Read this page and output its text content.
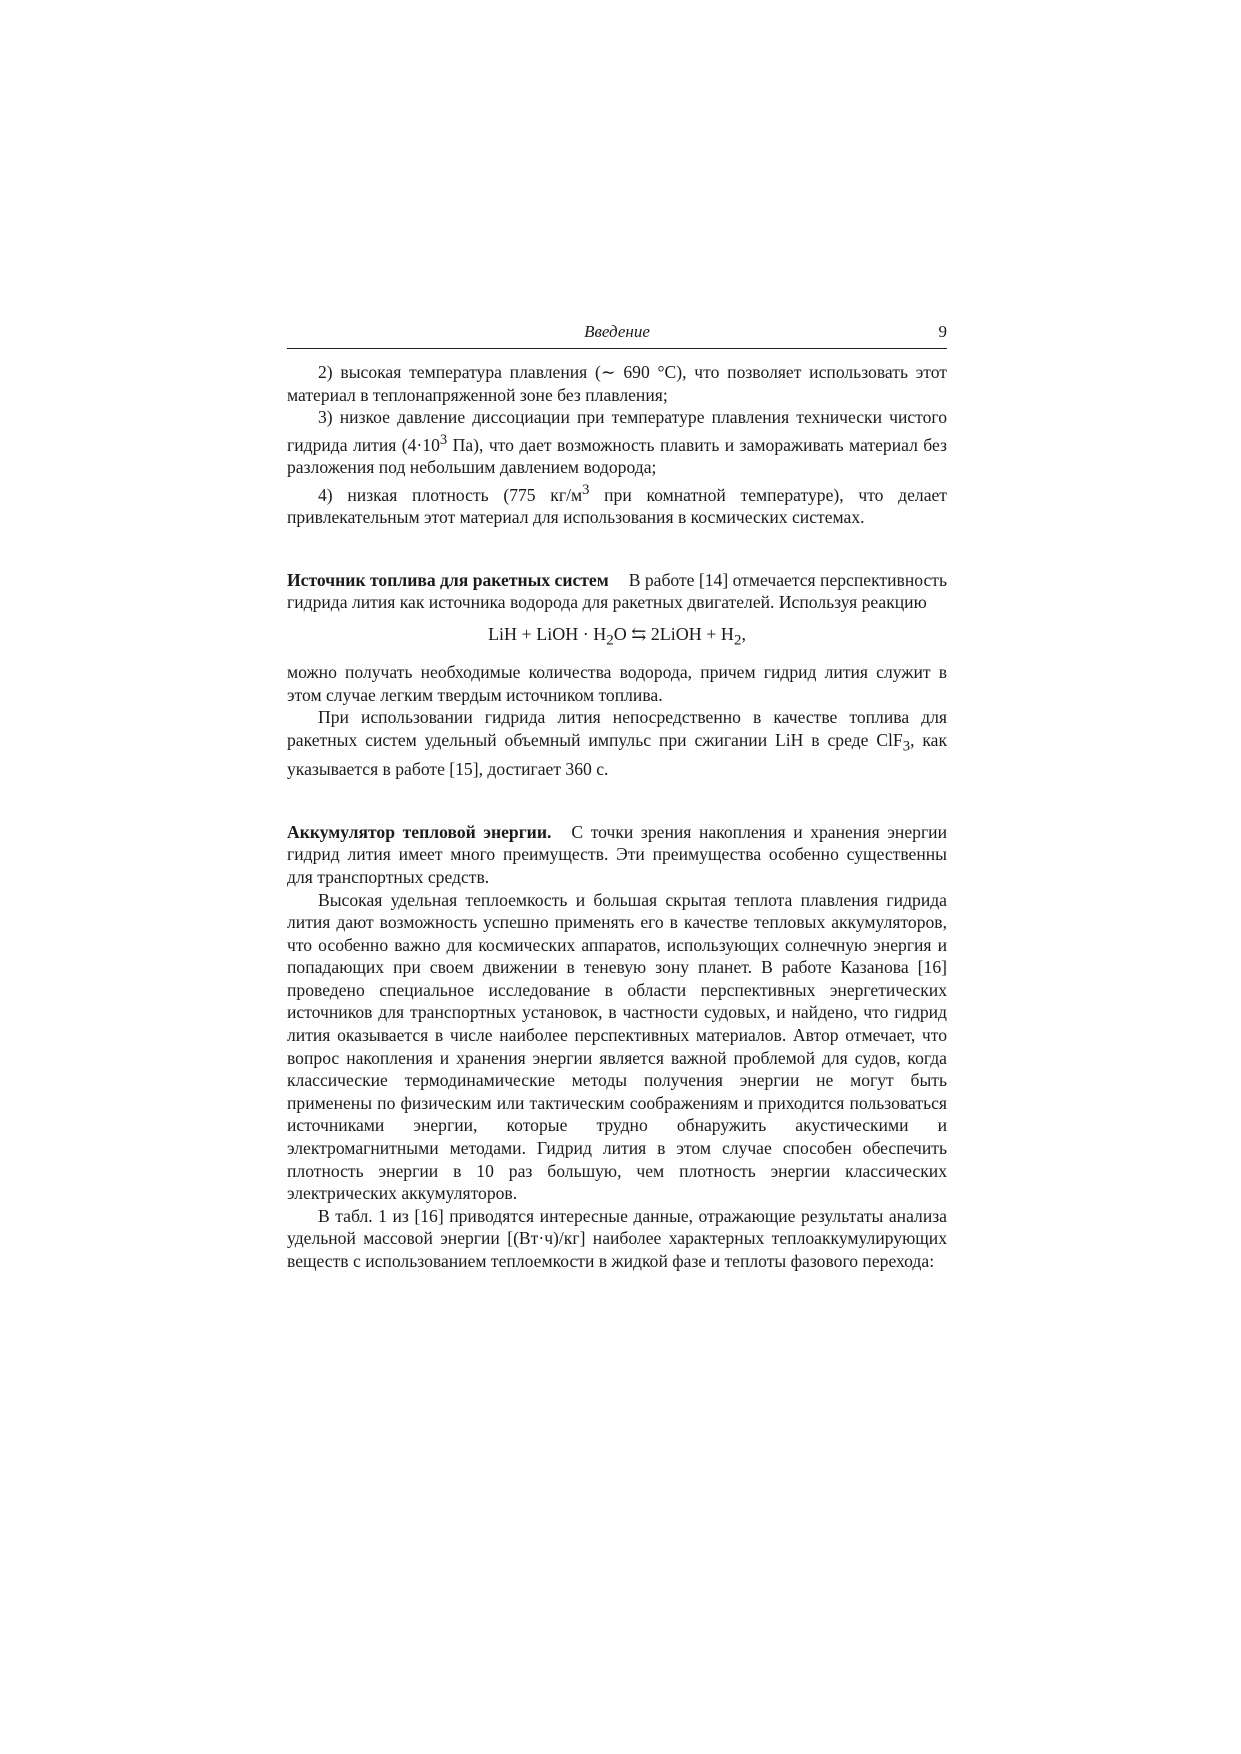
Введение	9

2) высокая температура плавления (∼ 690 °C), что позволяет использовать этот материал в теплонапряженной зоне без плавления;

3) низкое давление диссоциации при температуре плавления технически чистого гидрида лития ($4\cdot 10^3$ Па), что дает возможность плавить и замораживать материал без разложения под небольшим давлением водорода;

4) низкая плотность (775 $кг/м^3$ при комнатной температуре), что делает привлекательным этот материал для использования в космических системах.

Источник топлива для ракетных систем В работе [14] отмечается перспективность гидрида лития как источника водорода для ракетных двигателей. Используя реакцию

LiH + LiOH · $H_2O$ ⇆ 2LiOH + $H_2$,

можно получать необходимые количества водорода, причем гидрид лития служит в этом случае легким твердым источником топлива.

При использовании гидрида лития непосредственно в качестве топлива для ракетных систем удельный объемный импульс при сжигании LiH в среде ClF$_3$, как указывается в работе [15], достигает 360 с.

Аккумулятор тепловой энергии. С точки зрения накопления и хранения энергии гидрид лития имеет много преимуществ. Эти преимущества особенно существенны для транспортных средств.

Высокая удельная теплоемкость и большая скрытая теплота плавления гидрида лития дают возможность успешно применять его в качестве тепловых аккумуляторов, что особенно важно для космических аппаратов, использующих солнечную энергия и попадающих при своем движении в теневую зону планет. В работе Казанова [16] проведено специальное исследование в области перспективных энергетических источников для транспортных установок, в частности судовых, и найдено, что гидрид лития оказывается в числе наиболее перспективных материалов. Автор отмечает, что вопрос накопления и хранения энергии является важной проблемой для судов, когда классические термодинамические методы получения энергии не могут быть применены по физическим или тактическим соображениям и приходится пользоваться источниками энергии, которые трудно обнаружить акустическими и электромагнитными методами. Гидрид лития в этом случае способен обеспечить плотность энергии в 10 раз большую, чем плотность энергии классических электрических аккумуляторов.

В табл. 1 из [16] приводятся интересные данные, отражающие результаты анализа удельной массовой энергии [(Вт·ч)/кг] наиболее характерных теплоаккумулирующих веществ с использованием теплоемкости в жидкой фазе и теплоты фазового перехода:
